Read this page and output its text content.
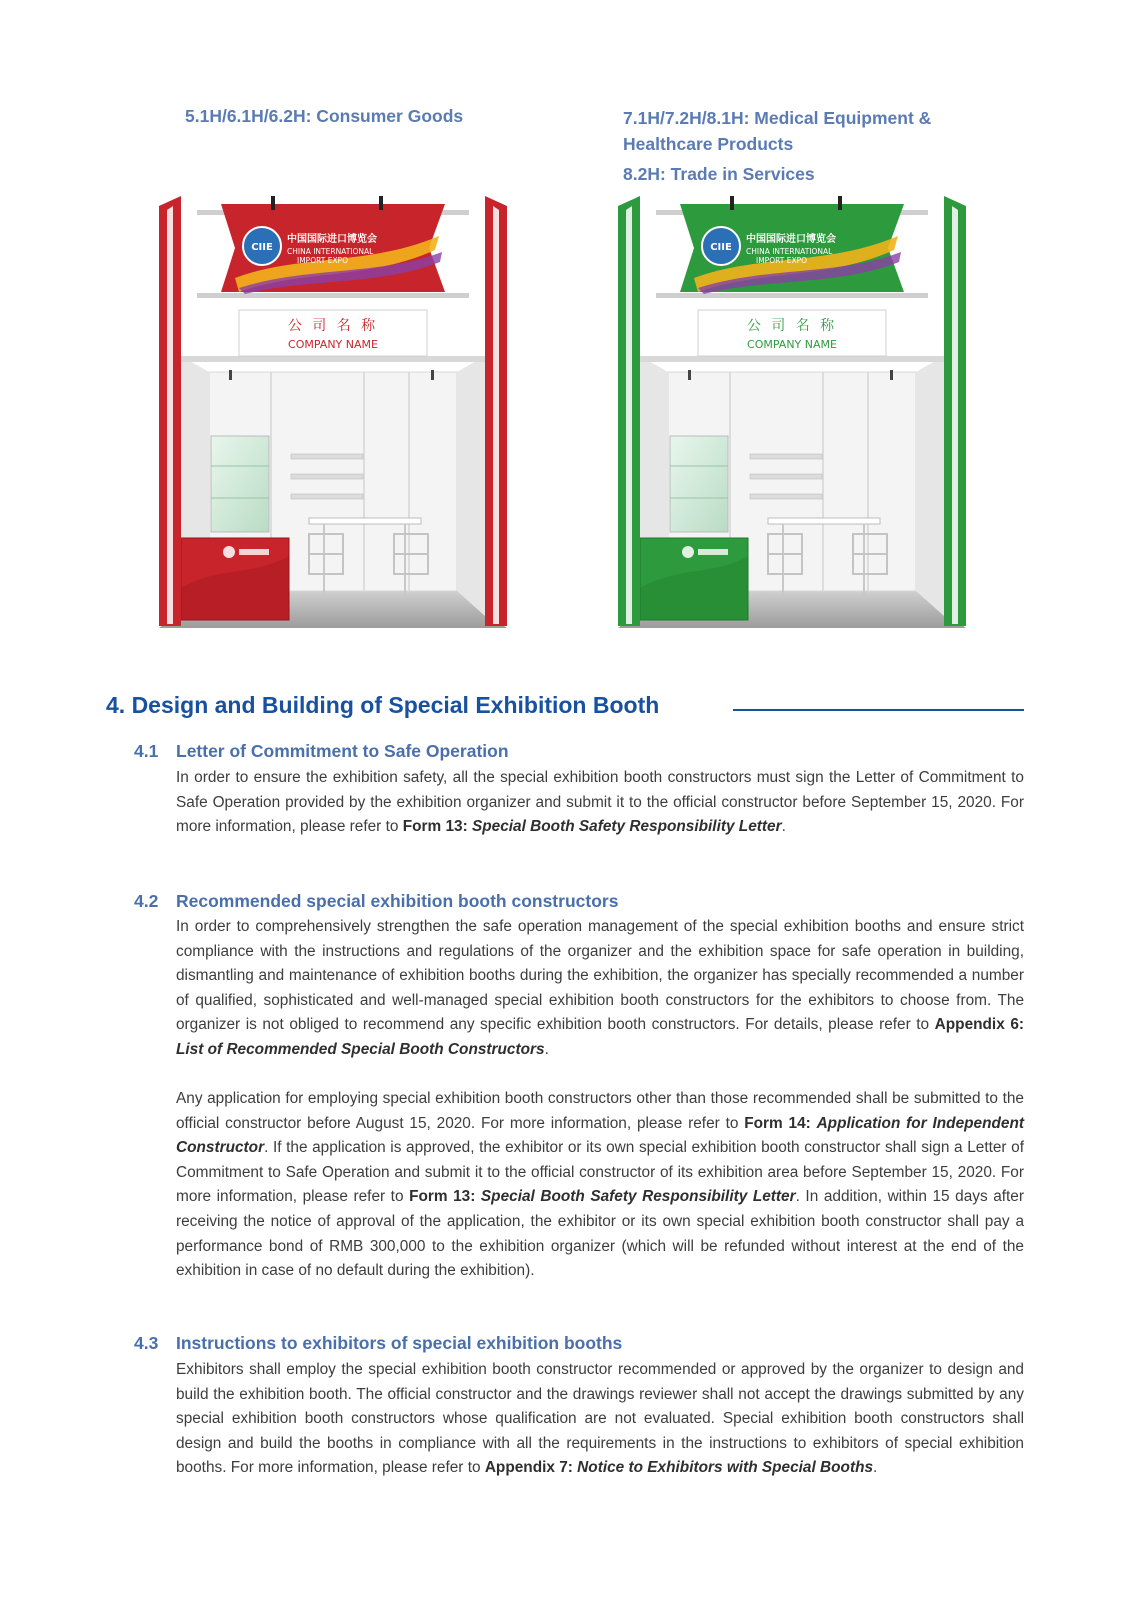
5.1H/6.1H/6.2H: Consumer Goods	7.1H/7.2H/8.1H: Medical Equipment &
Healthcare Products
8.2H: Trade in Services
公 司 名 称
COMPANY NAME
CIIE
中国国际进口博览会
CHINA INTERNATIONAL
IMPORT EXPO
公 司 名 称
COMPANY NAME
CIIE
中国国际进口博览会
CHINA INTERNATIONAL
IMPORT EXPO
4. Design and Building of Special Exhibition Booth
4.1 Letter of Commitment to Safe Operation

In order to ensure the exhibition safety, all the special exhibition booth constructors must sign the Letter of Commitment to Safe Operation provided by the exhibition organizer and submit it to the official constructor before September 15, 2020. For more information, please refer to Form 13: Special Booth Safety Responsibility Letter.

4.2 Recommended special exhibition booth constructors

In order to comprehensively strengthen the safe operation management of the special exhibition booths and ensure strict compliance with the instructions and regulations of the organizer and the exhibition space for safe operation in building, dismantling and maintenance of exhibition booths during the exhibition, the organizer has specially recommended a number of qualified, sophisticated and well-managed special exhibition booth constructors for the exhibitors to choose from. The organizer is not obliged to recommend any specific exhibition booth constructors. For details, please refer to Appendix 6: List of Recommended Special Booth Constructors.

Any application for employing special exhibition booth constructors other than those recommended shall be submitted to the official constructor before August 15, 2020. For more information, please refer to Form 14: Application for Independent Constructor. If the application is approved, the exhibitor or its own special exhibition booth constructor shall sign a Letter of Commitment to Safe Operation and submit it to the official constructor of its exhibition area before September 15, 2020. For more information, please refer to Form 13: Special Booth Safety Responsibility Letter. In addition, within 15 days after receiving the notice of approval of the application, the exhibitor or its own special exhibition booth constructor shall pay a performance bond of RMB 300,000 to the exhibition organizer (which will be refunded without interest at the end of the exhibition in case of no default during the exhibition).

4.3 Instructions to exhibitors of special exhibition booths

Exhibitors shall employ the special exhibition booth constructor recommended or approved by the organizer to design and build the exhibition booth. The official constructor and the drawings reviewer shall not accept the drawings submitted by any special exhibition booth constructors whose qualification are not evaluated. Special exhibition booth constructors shall design and build the booths in compliance with all the requirements in the instructions to exhibitors of special exhibition booths. For more information, please refer to Appendix 7: Notice to Exhibitors with Special Booths.
